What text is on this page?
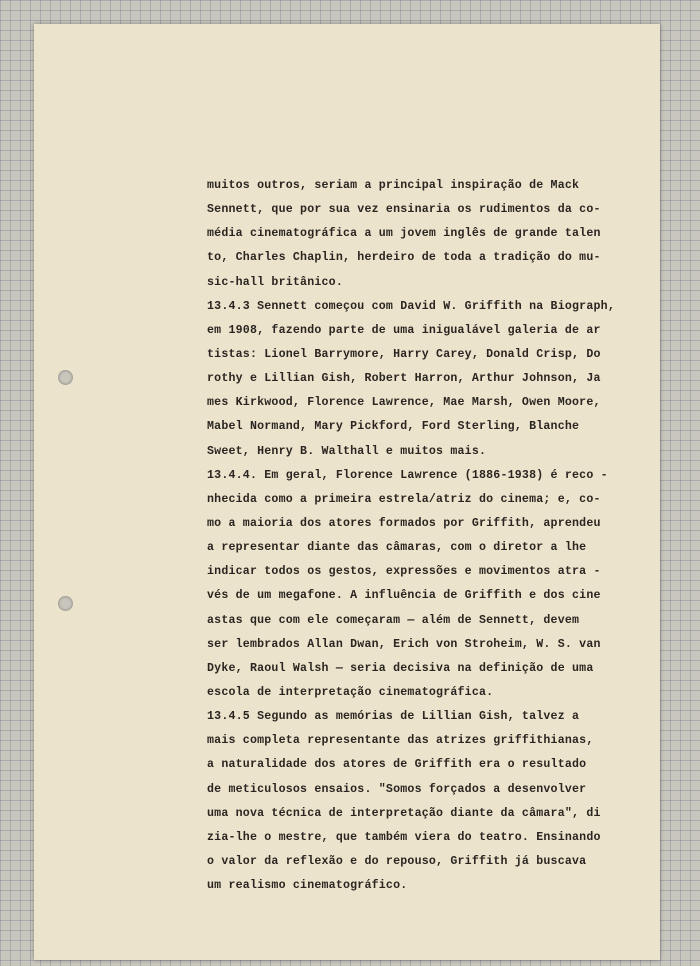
muitos outros, seriam a principal inspiração de Mack
Sennett, que por sua vez ensinaria os rudimentos da co-
média cinematográfica a um jovem inglês de grande talen
to, Charles Chaplin, herdeiro de toda a tradição do mu-
sic-hall britânico.
13.4.3 Sennett começou com David W. Griffith na Biograph,
em 1908, fazendo parte de uma inigualável galeria de ar
tistas: Lionel Barrymore, Harry Carey, Donald Crisp, Do
rothy e Lillian Gish, Robert Harron, Arthur Johnson, Ja
mes Kirkwood, Florence Lawrence, Mae Marsh, Owen Moore,
Mabel Normand, Mary Pickford, Ford Sterling, Blanche
Sweet, Henry B. Walthall e muitos mais.
13.4.4. Em geral, Florence Lawrence (1886-1938) é reco -
nhecida como a primeira estrela/atriz do cinema; e, co-
mo a maioria dos atores formados por Griffith, aprendeu
a representar diante das câmaras, com o diretor a lhe
indicar todos os gestos, expressões e movimentos atra -
vés de um megafone. A influência de Griffith e dos cine
astas que com ele começaram — além de Sennett, devem
ser lembrados Allan Dwan, Erich von Stroheim, W. S. van
Dyke, Raoul Walsh — seria decisiva na definição de uma
escola de interpretação cinematográfica.
13.4.5 Segundo as memórias de Lillian Gish, talvez a
mais completa representante das atrizes griffithianas,
a naturalidade dos atores de Griffith era o resultado
de meticulosos ensaios. "Somos forçados a desenvolver
uma nova técnica de interpretação diante da câmara", di
zia-lhe o mestre, que também viera do teatro. Ensinando
o valor da reflexão e do repouso, Griffith já buscava
um realismo cinematográfico.
